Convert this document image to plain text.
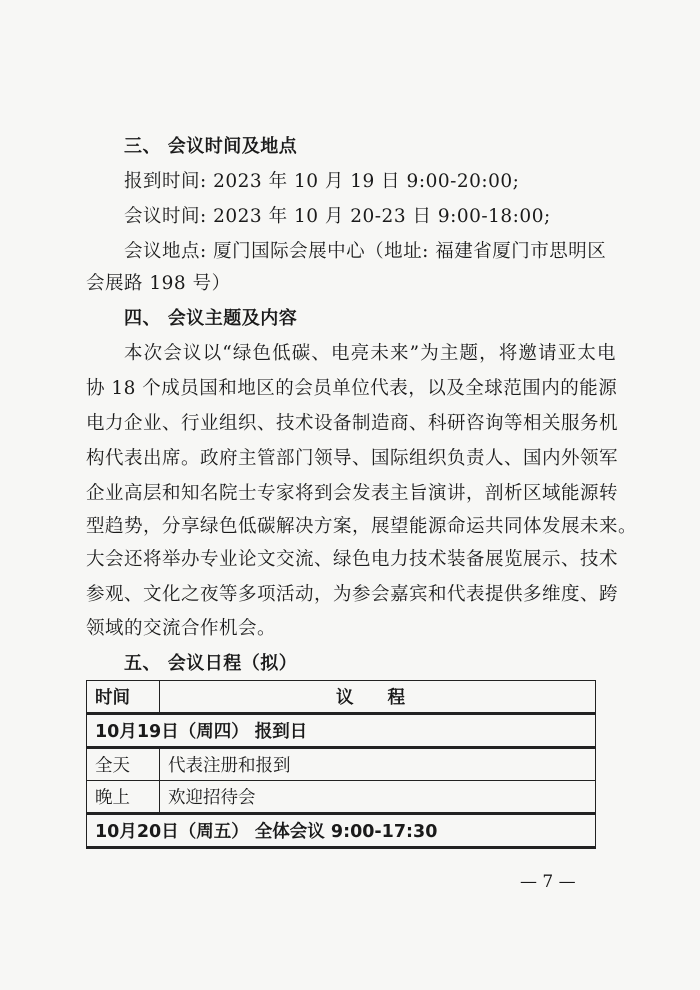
三、 会议时间及地点
报到时间: 2023 年 10 月 19 日 9:00-20:00;
会议时间: 2023 年 10 月 20-23 日 9:00-18:00;
会议地点: 厦门国际会展中心（地址: 福建省厦门市思明区
会展路 198 号）
四、 会议主题及内容
本次会议以“绿色低碳、电亮未来”为主题，将邀请亚太电
协 18 个成员国和地区的会员单位代表，以及全球范围内的能源
电力企业、行业组织、技术设备制造商、科研咨询等相关服务机
构代表出席。政府主管部门领导、国际组织负责人、国内外领军
企业高层和知名院士专家将到会发表主旨演讲，剖析区域能源转
型趋势，分享绿色低碳解决方案，展望能源命运共同体发展未来。
大会还将举办专业论文交流、绿色电力技术装备展览展示、技术
参观、文化之夜等多项活动，为参会嘉宾和代表提供多维度、跨
领域的交流合作机会。
五、 会议日程（拟）
时间	议 程
10月19日（周四） 报到日	
全天	代表注册和报到
晚上	欢迎招待会
10月20日（周五） 全体会议 9:00-17:30	
— 7 —
